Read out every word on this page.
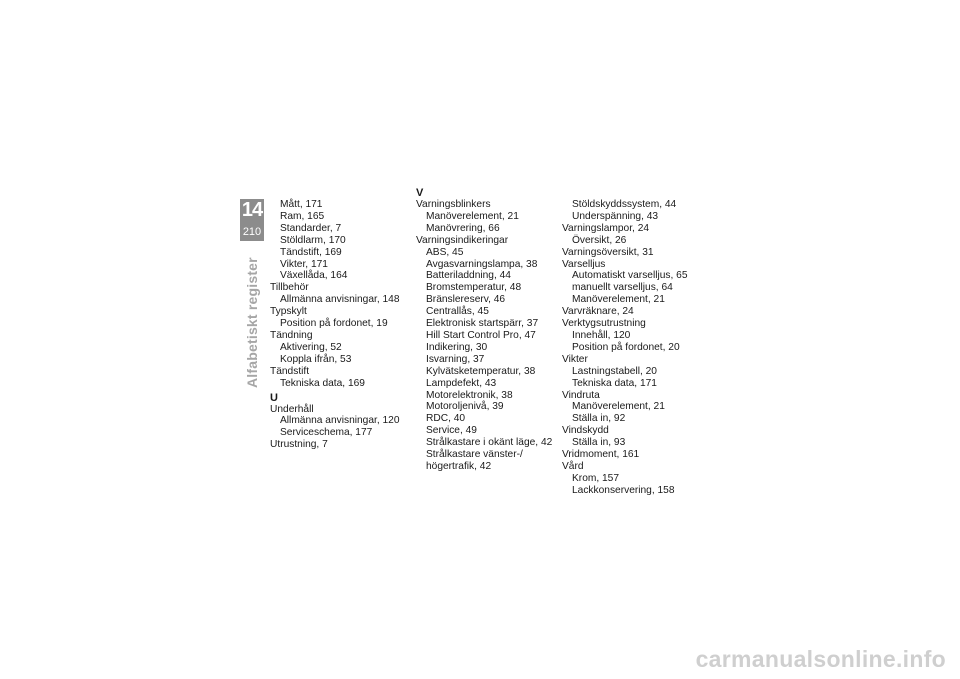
14
210
Alfabetiskt register
Mått, 171
Ram, 165
Standarder, 7
Stöldlarm, 170
Tändstift, 169
Vikter, 171
Växellåda, 164
Tillbehör
Allmänna anvisningar, 148
Typskylt
Position på fordonet, 19
Tändning
Aktivering, 52
Koppla ifrån, 53
Tändstift
Tekniska data, 169
U
Underhåll
Allmänna anvisningar, 120
Serviceschema, 177
Utrustning, 7
V
Varningsblinkers
Manöverelement, 21
Manövrering, 66
Varningsindikeringar
ABS, 45
Avgasvarningslampa, 38
Batteriladdning, 44
Bromstemperatur, 48
Bränslereserv, 46
Centrallås, 45
Elektronisk startspärr, 37
Hill Start Control Pro, 47
Indikering, 30
Isvarning, 37
Kylvätsketemperatur, 38
Lampdefekt, 43
Motorelektronik, 38
Motoroljenivå, 39
RDC, 40
Service, 49
Strålkastare i okänt läge, 42
Strålkastare vänster-/
högertrafik, 42
Stöldskyddssystem, 44
Underspänning, 43
Varningslampor, 24
Översikt, 26
Varningsöversikt, 31
Varselljus
Automatiskt varselljus, 65
manuellt varselljus, 64
Manöverelement, 21
Varvräknare, 24
Verktygsutrustning
Innehåll, 120
Position på fordonet, 20
Vikter
Lastningstabell, 20
Tekniska data, 171
Vindruta
Manöverelement, 21
Ställa in, 92
Vindskydd
Ställa in, 93
Vridmoment, 161
Vård
Krom, 157
Lackkonservering, 158
carmanualsonline.info
